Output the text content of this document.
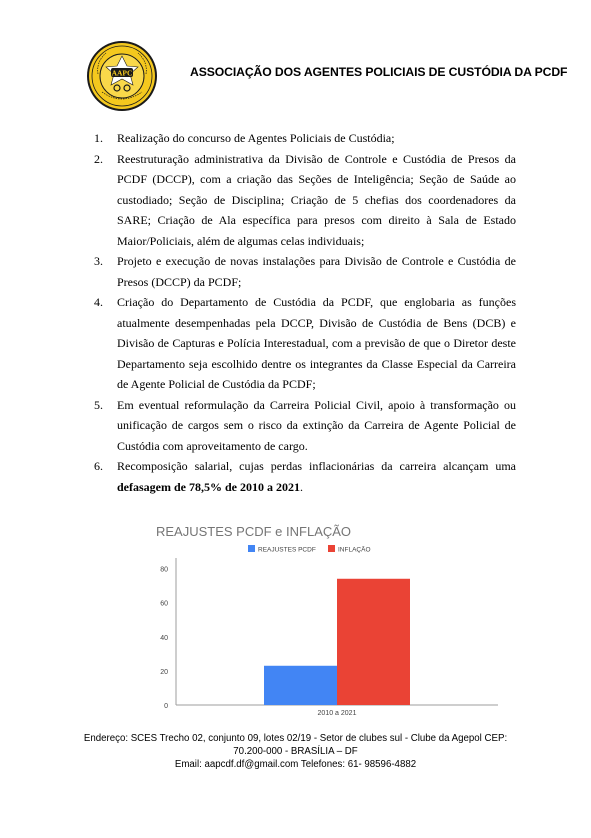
AAPC	ASSOCIAÇÃO DOS AGENTES POLICIAIS DE CUSTÓDIA DA PCDF
1.	Realização do concurso de Agentes Policiais de Custódia;
2.	Reestruturação administrativa da Divisão de Controle e Custódia de Presos da PCDF (DCCP), com a criação das Seções de Inteligência; Seção de Saúde ao custodiado; Seção de Disciplina; Criação de 5 chefias dos coordenadores da SARE; Criação de Ala específica para presos com direito à Sala de Estado Maior/Policiais, além de algumas celas individuais;
3.	Projeto e execução de novas instalações para Divisão de Controle e Custódia de Presos (DCCP) da PCDF;
4.	Criação do Departamento de Custódia da PCDF, que englobaria as funções atualmente desempenhadas pela DCCP, Divisão de Custódia de Bens (DCB) e Divisão de Capturas e Polícia Interestadual, com a previsão de que o Diretor deste Departamento seja escolhido dentre os integrantes da Classe Especial da Carreira de Agente Policial de Custódia da PCDF;
5.	Em eventual reformulação da Carreira Policial Civil, apoio à transformação ou unificação de cargos sem o risco da extinção da Carreira de Agente Policial de Custódia com aproveitamento de cargo.
6.	Recomposição salarial, cujas perdas inflacionárias da carreira alcançam uma defasagem de 78,5% de 2010 a 2021.
REAJUSTES PCDF e INFLAÇÃO
0
20
40
60
80
2010 a 2021
REAJUSTES PCDF	INFLAÇÃO
Endereço: SCES Trecho 02, conjunto 09, lotes 02/19 - Setor de clubes sul - Clube da Agepol CEP:
70.200-000 - BRASÍLIA – DF
Email: aapcdf.df@gmail.com Telefones: 61- 98596-4882
